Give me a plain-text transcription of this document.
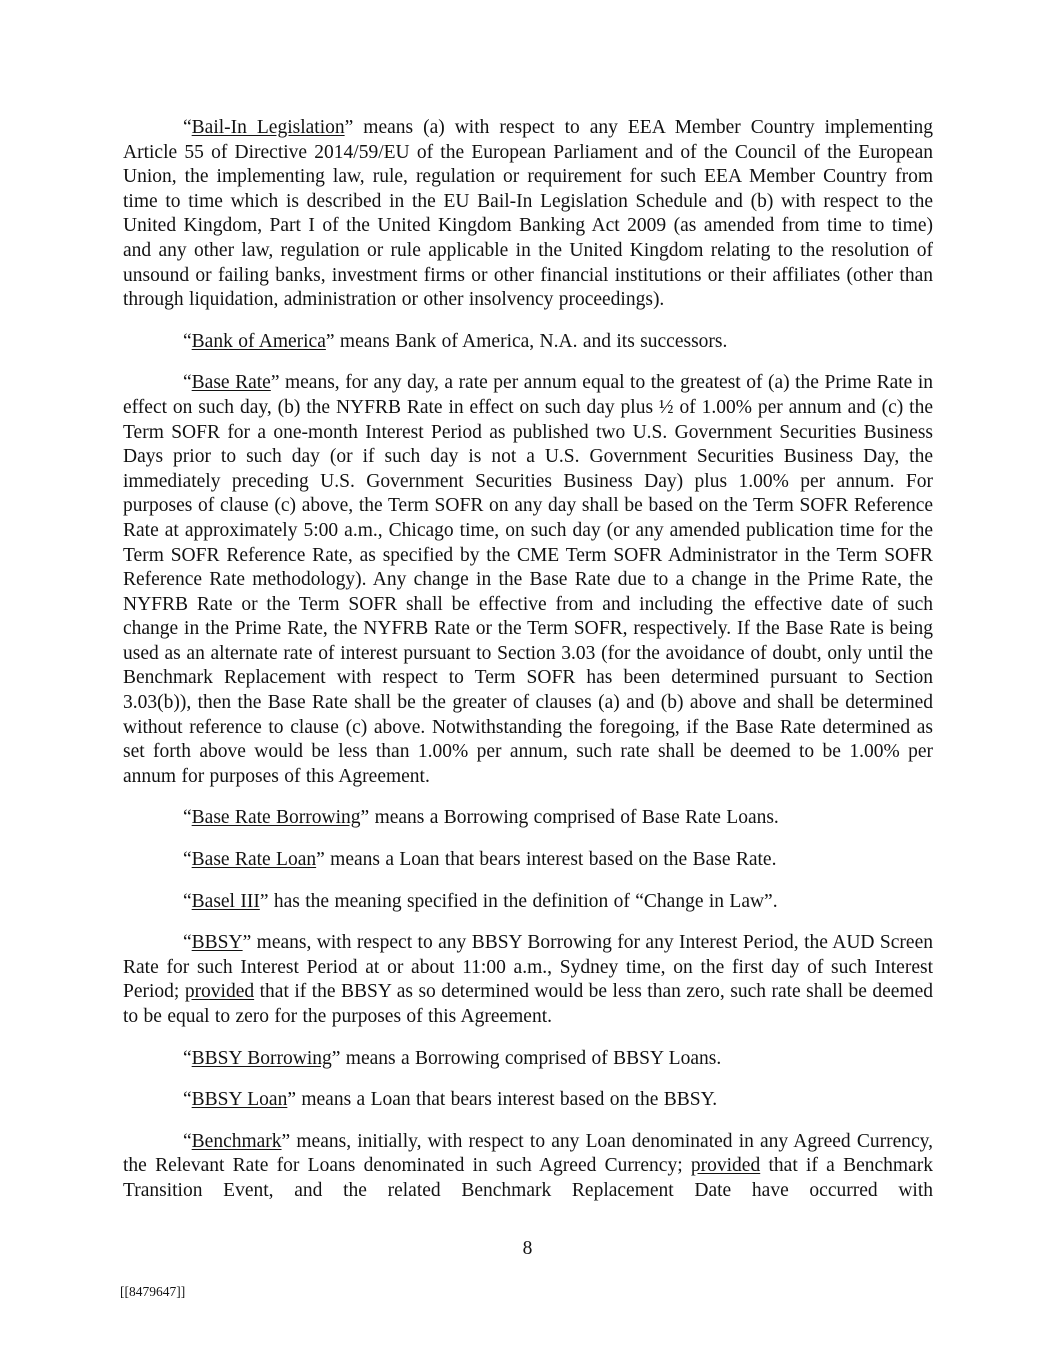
“Bail-In Legislation” means (a) with respect to any EEA Member Country implementing Article 55 of Directive 2014/59/EU of the European Parliament and of the Council of the European Union, the implementing law, rule, regulation or requirement for such EEA Member Country from time to time which is described in the EU Bail-In Legislation Schedule and (b) with respect to the United Kingdom, Part I of the United Kingdom Banking Act 2009 (as amended from time to time) and any other law, regulation or rule applicable in the United Kingdom relating to the resolution of unsound or failing banks, investment firms or other financial institutions or their affiliates (other than through liquidation, administration or other insolvency proceedings).

“Bank of America” means Bank of America, N.A. and its successors.

“Base Rate” means, for any day, a rate per annum equal to the greatest of (a) the Prime Rate in effect on such day, (b) the NYFRB Rate in effect on such day plus ½ of 1.00% per annum and (c) the Term SOFR for a one-month Interest Period as published two U.S. Government Securities Business Days prior to such day (or if such day is not a U.S. Government Securities Business Day, the immediately preceding U.S. Government Securities Business Day) plus 1.00% per annum. For purposes of clause (c) above, the Term SOFR on any day shall be based on the Term SOFR Reference Rate at approximately 5:00 a.m., Chicago time, on such day (or any amended publication time for the Term SOFR Reference Rate, as specified by the CME Term SOFR Administrator in the Term SOFR Reference Rate methodology). Any change in the Base Rate due to a change in the Prime Rate, the NYFRB Rate or the Term SOFR shall be effective from and including the effective date of such change in the Prime Rate, the NYFRB Rate or the Term SOFR, respectively. If the Base Rate is being used as an alternate rate of interest pursuant to Section 3.03 (for the avoidance of doubt, only until the Benchmark Replacement with respect to Term SOFR has been determined pursuant to Section 3.03(b)), then the Base Rate shall be the greater of clauses (a) and (b) above and shall be determined without reference to clause (c) above. Notwithstanding the foregoing, if the Base Rate determined as set forth above would be less than 1.00% per annum, such rate shall be deemed to be 1.00% per annum for purposes of this Agreement.

“Base Rate Borrowing” means a Borrowing comprised of Base Rate Loans.

“Base Rate Loan” means a Loan that bears interest based on the Base Rate.

“Basel III” has the meaning specified in the definition of “Change in Law”.

“BBSY” means, with respect to any BBSY Borrowing for any Interest Period, the AUD Screen Rate for such Interest Period at or about 11:00 a.m., Sydney time, on the first day of such Interest Period; provided that if the BBSY as so determined would be less than zero, such rate shall be deemed to be equal to zero for the purposes of this Agreement.

“BBSY Borrowing” means a Borrowing comprised of BBSY Loans.

“BBSY Loan” means a Loan that bears interest based on the BBSY.

“Benchmark” means, initially, with respect to any Loan denominated in any Agreed Currency, the Relevant Rate for Loans denominated in such Agreed Currency; provided that if a Benchmark Transition Event, and the related Benchmark Replacement Date have occurred with

8
[[8479647]]
